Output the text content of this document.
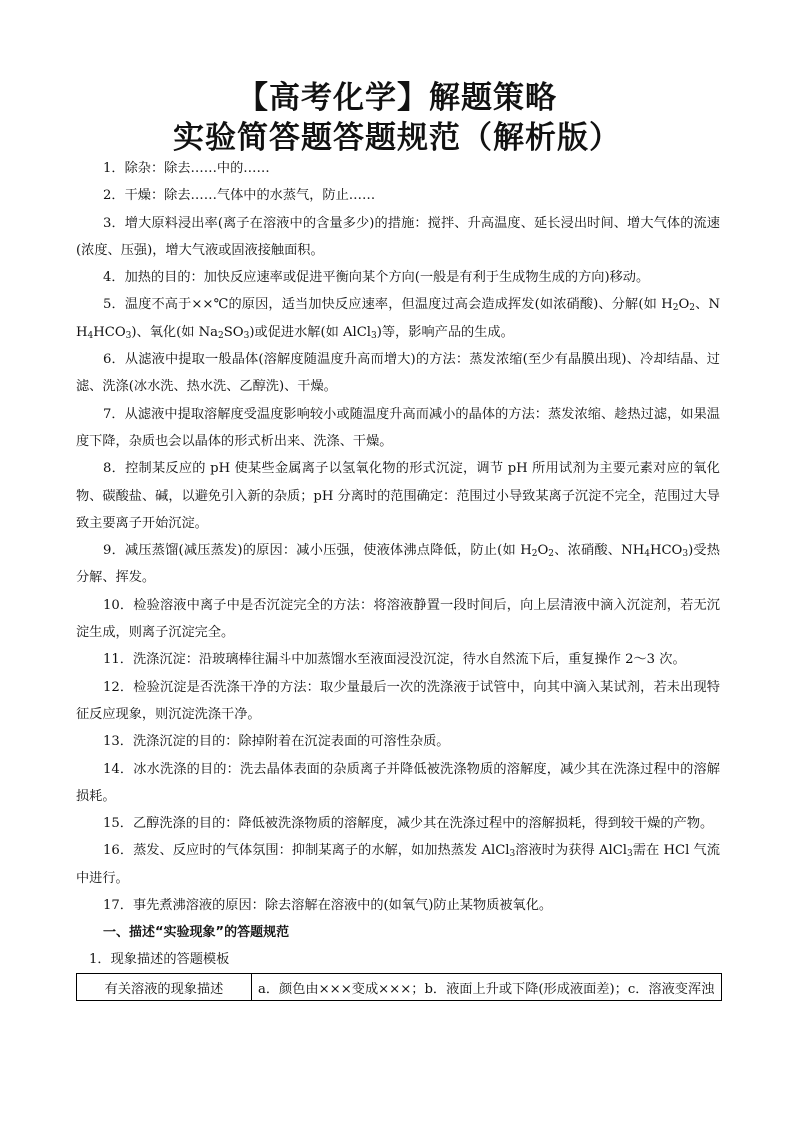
【高考化学】解题策略
实验简答题答题规范（解析版）

1．除杂：除去……中的……

2．干燥：除去……气体中的水蒸气，防止……

3．增大原料浸出率(离子在溶液中的含量多少)的措施：搅拌、升高温度、延长浸出时间、增大气体的流速(浓度、压强)，增大气液或固液接触面积。

4．加热的目的：加快反应速率或促进平衡向某个方向(一般是有利于生成物生成的方向)移动。

5．温度不高于××℃的原因，适当加快反应速率，但温度过高会造成挥发(如浓硝酸)、分解(如 $H_2O_2$、$NH_4HCO_3$)、氧化(如 $Na_2SO_3$)或促进水解(如 AlCl$_3$)等，影响产品的生成。

6．从滤液中提取一般晶体(溶解度随温度升高而增大)的方法：蒸发浓缩(至少有晶膜出现)、冷却结晶、过滤、洗涤(冰水洗、热水洗、乙醇洗)、干燥。

7．从滤液中提取溶解度受温度影响较小或随温度升高而减小的晶体的方法：蒸发浓缩、趁热过滤，如果温度下降，杂质也会以晶体的形式析出来、洗涤、干燥。

8．控制某反应的 pH 使某些金属离子以氢氧化物的形式沉淀，调节 pH 所用试剂为主要元素对应的氧化物、碳酸盐、碱，以避免引入新的杂质；pH 分离时的范围确定：范围过小导致某离子沉淀不完全，范围过大导致主要离子开始沉淀。

9．减压蒸馏(减压蒸发)的原因：减小压强，使液体沸点降低，防止(如 $H_2O_2$、浓硝酸、$NH_4HCO_3$)受热分解、挥发。

10．检验溶液中离子中是否沉淀完全的方法：将溶液静置一段时间后，向上层清液中滴入沉淀剂，若无沉淀生成，则离子沉淀完全。

11．洗涤沉淀：沿玻璃棒往漏斗中加蒸馏水至液面浸没沉淀，待水自然流下后，重复操作 2～3 次。

12．检验沉淀是否洗涤干净的方法：取少量最后一次的洗涤液于试管中，向其中滴入某试剂，若未出现特征反应现象，则沉淀洗涤干净。

13．洗涤沉淀的目的：除掉附着在沉淀表面的可溶性杂质。

14．冰水洗涤的目的：洗去晶体表面的杂质离子并降低被洗涤物质的溶解度，减少其在洗涤过程中的溶解损耗。

15．乙醇洗涤的目的：降低被洗涤物质的溶解度，减少其在洗涤过程中的溶解损耗，得到较干燥的产物。

16．蒸发、反应时的气体氛围：抑制某离子的水解，如加热蒸发 AlCl$_3$溶液时为获得 AlCl$_3$需在 HCl 气流中进行。

17．事先煮沸溶液的原因：除去溶解在溶液中的(如氧气)防止某物质被氧化。

一、描述“实验现象”的答题规范

1．现象描述的答题模板

有关溶液的现象描述	a．颜色由×××变成×××；b．液面上升或下降(形成液面差)；c．溶液变浑浊
